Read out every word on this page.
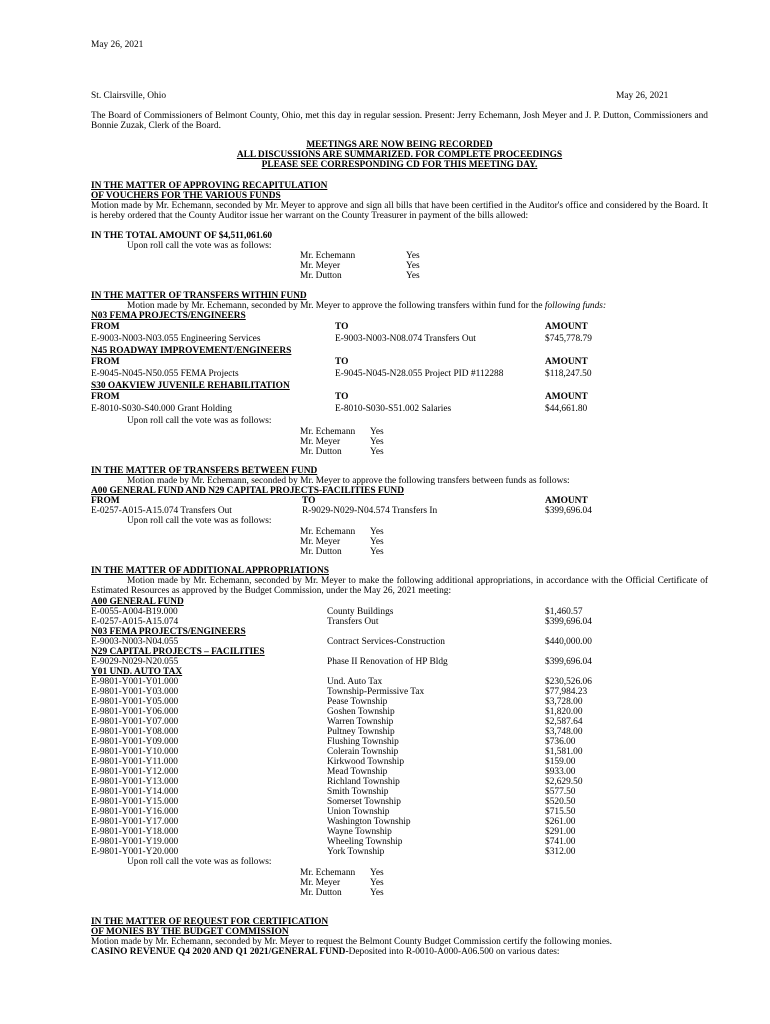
May 26, 2021
St. Clairsville, Ohio	May 26, 2021
The Board of Commissioners of Belmont County, Ohio, met this day in regular session. Present: Jerry Echemann, Josh Meyer and J. P. Dutton, Commissioners and Bonnie Zuzak, Clerk of the Board.
MEETINGS ARE NOW BEING RECORDED
ALL DISCUSSIONS ARE SUMMARIZED. FOR COMPLETE PROCEEDINGS
PLEASE SEE CORRESPONDING CD FOR THIS MEETING DAY.
IN THE MATTER OF APPROVING RECAPITULATION
OF VOUCHERS FOR THE VARIOUS FUNDS
Motion made by Mr. Echemann, seconded by Mr. Meyer to approve and sign all bills that have been certified in the Auditor's office and considered by the Board. It is hereby ordered that the County Auditor issue her warrant on the County Treasurer in payment of the bills allowed:
IN THE TOTAL AMOUNT OF $4,511,061.60
Upon roll call the vote was as follows:
Mr. Echemann	Yes
Mr. Meyer	Yes
Mr. Dutton	Yes
IN THE MATTER OF TRANSFERS WITHIN FUND
Motion made by Mr. Echemann, seconded by Mr. Meyer to approve the following transfers within fund for the following funds:
N03 FEMA PROJECTS/ENGINEERS
FROM	TO	AMOUNT
E-9003-N003-N03.055 Engineering Services	E-9003-N003-N08.074 Transfers Out	$745,778.79
N45 ROADWAY IMPROVEMENT/ENGINEERS
FROM	TO	AMOUNT
E-9045-N045-N50.055 FEMA Projects	E-9045-N045-N28.055 Project PID #112288	$118,247.50
S30 OAKVIEW JUVENILE REHABILITATION
FROM	TO	AMOUNT
E-8010-S030-S40.000 Grant Holding	E-8010-S030-S51.002 Salaries	$44,661.80
Upon roll call the vote was as follows:
Mr. Echemann Yes
Mr. Meyer	Yes
Mr. Dutton	Yes
IN THE MATTER OF TRANSFERS BETWEEN FUND
Motion made by Mr. Echemann, seconded by Mr. Meyer to approve the following transfers between funds as follows:
A00 GENERAL FUND AND N29 CAPITAL PROJECTS-FACILITIES FUND
FROM	TO	AMOUNT
E-0257-A015-A15.074 Transfers Out	R-9029-N029-N04.574 Transfers In	$399,696.04
Upon roll call the vote was as follows:
Mr. Echemann Yes
Mr. Meyer	Yes
Mr. Dutton	Yes
IN THE MATTER OF ADDITIONAL APPROPRIATIONS
Motion made by Mr. Echemann, seconded by Mr. Meyer to make the following additional appropriations, in accordance with the Official Certificate of Estimated Resources as approved by the Budget Commission, under the May 26, 2021 meeting:
A00 GENERAL FUND
E-0055-A004-B19.000	County Buildings	$1,460.57
E-0257-A015-A15.074	Transfers Out	$399,696.04
N03 FEMA PROJECTS/ENGINEERS
E-9003-N003-N04.055	Contract Services-Construction	$440,000.00
N29 CAPITAL PROJECTS – FACILITIES
E-9029-N029-N20.055	Phase II Renovation of HP Bldg	$399,696.04
Y01 UND. AUTO TAX
E-9801-Y001-Y01.000	Und. Auto Tax	$230,526.06
E-9801-Y001-Y03.000	Township-Permissive Tax	$77,984.23
E-9801-Y001-Y05.000	Pease Township	$3,728.00
E-9801-Y001-Y06.000	Goshen Township	$1,820.00
E-9801-Y001-Y07.000	Warren Township	$2,587.64
E-9801-Y001-Y08.000	Pultney Township	$3,748.00
E-9801-Y001-Y09.000	Flushing Township	$736.00
E-9801-Y001-Y10.000	Colerain Township	$1,581.00
E-9801-Y001-Y11.000	Kirkwood Township	$159.00
E-9801-Y001-Y12.000	Mead Township	$933.00
E-9801-Y001-Y13.000	Richland Township	$2,629.50
E-9801-Y001-Y14.000	Smith Township	$577.50
E-9801-Y001-Y15.000	Somerset Township	$520.50
E-9801-Y001-Y16.000	Union Township	$715.50
E-9801-Y001-Y17.000	Washington Township	$261.00
E-9801-Y001-Y18.000	Wayne Township	$291.00
E-9801-Y001-Y19.000	Wheeling Township	$741.00
E-9801-Y001-Y20.000	York Township	$312.00
Upon roll call the vote was as follows:
Mr. Echemann Yes
Mr. Meyer	Yes
Mr. Dutton	Yes
IN THE MATTER OF REQUEST FOR CERTIFICATION
OF MONIES BY THE BUDGET COMMISSION
Motion made by Mr. Echemann, seconded by Mr. Meyer to request the Belmont County Budget Commission certify the following monies.
CASINO REVENUE Q4 2020 AND Q1 2021/GENERAL FUND-Deposited into R-0010-A000-A06.500 on various dates:
